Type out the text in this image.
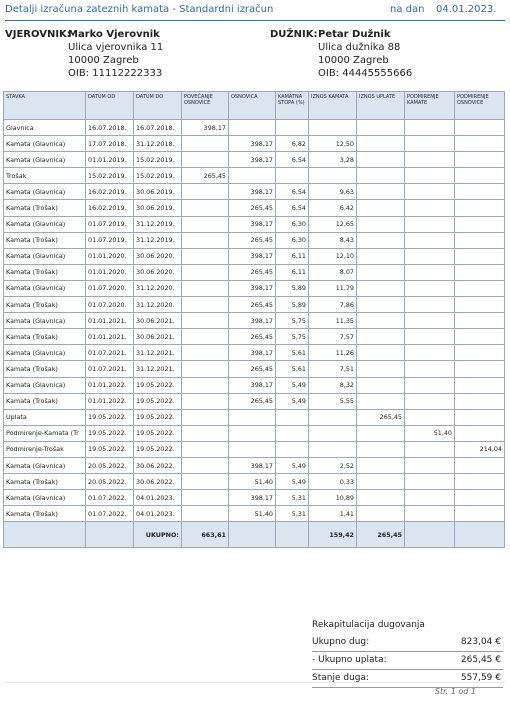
Detalji izračuna zateznih kamata - Standardni izračun	na dan 04.01.2023.
VJEROVNIK:
Marko Vjerovnik
Ulica vjerovnika 11
10000 Zagreb
OIB: 11112222333
DUŽNIK: Petar Dužnik
Ulica dužnika 88
10000 Zagreb
OIB: 44445555666
STAVKA	DATUM OD	DATUM DO	POVEĆANJE OSNOVICE	OSNOVICA	KAMATNA STOPA (%)	IZNOS KAMATA	IZNOS UPLATE	PODMIRENJE KAMATE	PODMIRENJE OSNOVICE
Glavnica	16.07.2018.	16.07.2018.	398,17						
Kamata (Glavnica)	17.07.2018.	31.12.2018.		398,17	6,82	12,50			
Kamata (Glavnica)	01.01.2019.	15.02.2019.		398,17	6,54	3,28			
Trošak	15.02.2019.	15.02.2019.	265,45						
Kamata (Glavnica)	16.02.2019.	30.06.2019.		398,17	6,54	9,63			
Kamata (Trošak)	16.02.2019.	30.06.2019.		265,45	6,54	6,42			
Kamata (Glavnica)	01.07.2019.	31.12.2019.		398,17	6,30	12,65			
Kamata (Trošak)	01.07.2019.	31.12.2019.		265,45	6,30	8,43			
Kamata (Glavnica)	01.01.2020.	30.06.2020.		398,17	6,11	12,10			
Kamata (Trošak)	01.01.2020.	30.06.2020.		265,45	6,11	8,07			
Kamata (Glavnica)	01.07.2020.	31.12.2020.		398,17	5,89	11,79			
Kamata (Trošak)	01.07.2020.	31.12.2020.		265,45	5,89	7,86			
Kamata (Glavnica)	01.01.2021.	30.06.2021.		398,17	5,75	11,35			
Kamata (Trošak)	01.01.2021.	30.06.2021.		265,45	5,75	7,57			
Kamata (Glavnica)	01.07.2021.	31.12.2021.		398,17	5,61	11,26			
Kamata (Trošak)	01.07.2021.	31.12.2021.		265,45	5,61	7,51			
Kamata (Glavnica)	01.01.2022.	19.05.2022.		398,17	5,49	8,32			
Kamata (Trošak)	01.01.2022.	19.05.2022.		265,45	5,49	5,55			
Uplata	19.05.2022.	19.05.2022.					265,45		
Podmirenje-Kamata (Tr	19.05.2022.	19.05.2022.						51,40	
Podmirenje-Trošak	19.05.2022.	19.05.2022.							214,04
Kamata (Glavnica)	20.05.2022.	30.06.2022.		398,17	5,49	2,52			
Kamata (Trošak)	20.05.2022.	30.06.2022.		51,40	5,49	0,33			
Kamata (Glavnica)	01.07.2022.	04.01.2023.		398,17	5,31	10,89			
Kamata (Trošak)	01.07.2022.	04.01.2023.		51,40	5,31	1,41			
		UKUPNO:	663,61			159,42	265,45		
Rekapitulacija dugovanja
Ukupno dug:	823,04 €
- Ukupno uplata:	265,45 €
Stanje duga:	557,59 €
Str. 1 od 1
